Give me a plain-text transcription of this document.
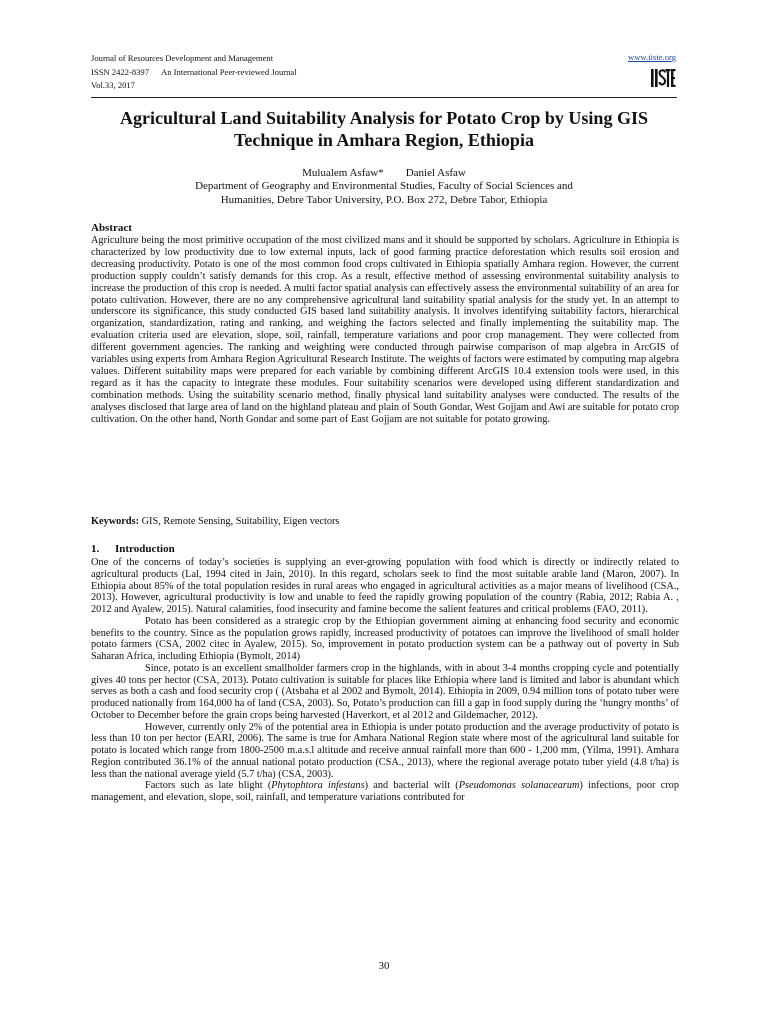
Journal of Resources Development and Management
ISSN 2422-8397 An International Peer-reviewed Journal
Vol.33, 2017
www.iiste.org
Agricultural Land Suitability Analysis for Potato Crop by Using GIS Technique in Amhara Region, Ethiopia
Mulualem Asfaw* Daniel Asfaw
Department of Geography and Environmental Studies, Faculty of Social Sciences and
Humanities, Debre Tabor University, P.O. Box 272, Debre Tabor, Ethiopia
Abstract
Agriculture being the most primitive occupation of the most civilized mans and it should be supported by scholars. Agriculture in Ethiopia is characterized by low productivity due to low external inputs, lack of good farming practice deforestation which results soil erosion and decreasing productivity. Potato is one of the most common food crops cultivated in Ethiopia spatially Amhara region. However, the current production supply couldn’t satisfy demands for this crop. As a result, effective method of assessing environmental suitability analysis to increase the production of this crop is needed. A multi factor spatial analysis can effectively assess the environmental suitability of an area for potato cultivation. However, there are no any comprehensive agricultural land suitability spatial analysis for the study yet. In an attempt to underscore its significance, this study conducted GIS based land suitability analysis. It involves identifying suitability factors, hierarchical organization, standardization, rating and ranking, and weighing the factors selected and finally implementing the suitability map. The evaluation criteria used are elevation, slope, soil, rainfall, temperature variations and poor crop management. They were collected from different government agencies. The ranking and weighting were conducted through pairwise comparison of map algebra in ArcGIS of variables using experts from Amhara Region Agricultural Research Institute. The weights of factors were estimated by computing map algebra values. Different suitability maps were prepared for each variable by combining different ArcGIS 10.4 extension tools were used, in this regard as it has the capacity to integrate these modules. Four suitability scenarios were developed using different standardization and combination methods. Using the suitability scenario method, finally physical land suitability analyses were conducted. The results of the analyses disclosed that large area of land on the highland plateau and plain of South Gondar, West Gojjam and Awi are suitable for potato crop cultivation. On the other hand, North Gondar and some part of East Gojjam are not suitable for potato growing.
Keywords: GIS, Remote Sensing, Suitability, Eigen vectors
1. Introduction

One of the concerns of today’s societies is supplying an ever-growing population with food which is directly or indirectly related to agricultural products (Lal, 1994 cited in Jain, 2010). In this regard, scholars seek to find the most suitable arable land (Maron, 2007). In Ethiopia about 85% of the total population resides in rural areas who engaged in agricultural activities as a major means of livelihood (CSA., 2013). However, agricultural productivity is low and unable to feed the rapidly growing population of the country (Rabia, 2012; Rabia A. , 2012 and Ayalew, 2015). Natural calamities, food insecurity and famine become the salient features and critical problems (FAO, 2011).

Potato has been considered as a strategic crop by the Ethiopian government aiming at enhancing food security and economic benefits to the country. Since as the population grows rapidly, increased productivity of potatoes can improve the livelihood of small holder potato farmers (CSA, 2002 citec in Ayalew, 2015). So, improvement in potato production system can be a pathway out of poverty in Sub Saharan Africa, including Ethiopia (Bymolt, 2014)

Since, potato is an excellent smallholder farmers crop in the highlands, with in about 3-4 months cropping cycle and potentially gives 40 tons per hector (CSA, 2013). Potato cultivation is suitable for places like Ethiopia where land is limited and labor is abundant which serves as both a cash and food security crop ( (Atsbaha et al 2002 and Bymolt, 2014). Ethiopia in 2009, 0.94 million tons of potato tuber were produced nationally from 164,000 ha of land (CSA, 2003). So, Potato’s production can fill a gap in food supply during the ‘hungry months’ of October to December before the grain crops being harvested (Haverkort, et al 2012 and Gildemacher, 2012).

However, currently only 2% of the potential area in Ethiopia is under potato production and the average productivity of potato is less than 10 ton per hector (EARI, 2006). The same is true for Amhara National Region state where most of the agricultural land suitable for potato is located which range from 1800-2500 m.a.s.l altitude and receive annual rainfall more than 600 - 1,200 mm, (Yilma, 1991). Amhara Region contributed 36.1% of the annual national potato production (CSA., 2013), where the regional average potato tuber yield (4.8 t/ha) is less than the national average yield (5.7 t/ha) (CSA, 2003).

Factors such as late blight (Phytophtora infestans) and bacterial wilt (Pseudomonas solanacearum) infections, poor crop management, and elevation, slope, soil, rainfall, and temperature variations contributed for

30
